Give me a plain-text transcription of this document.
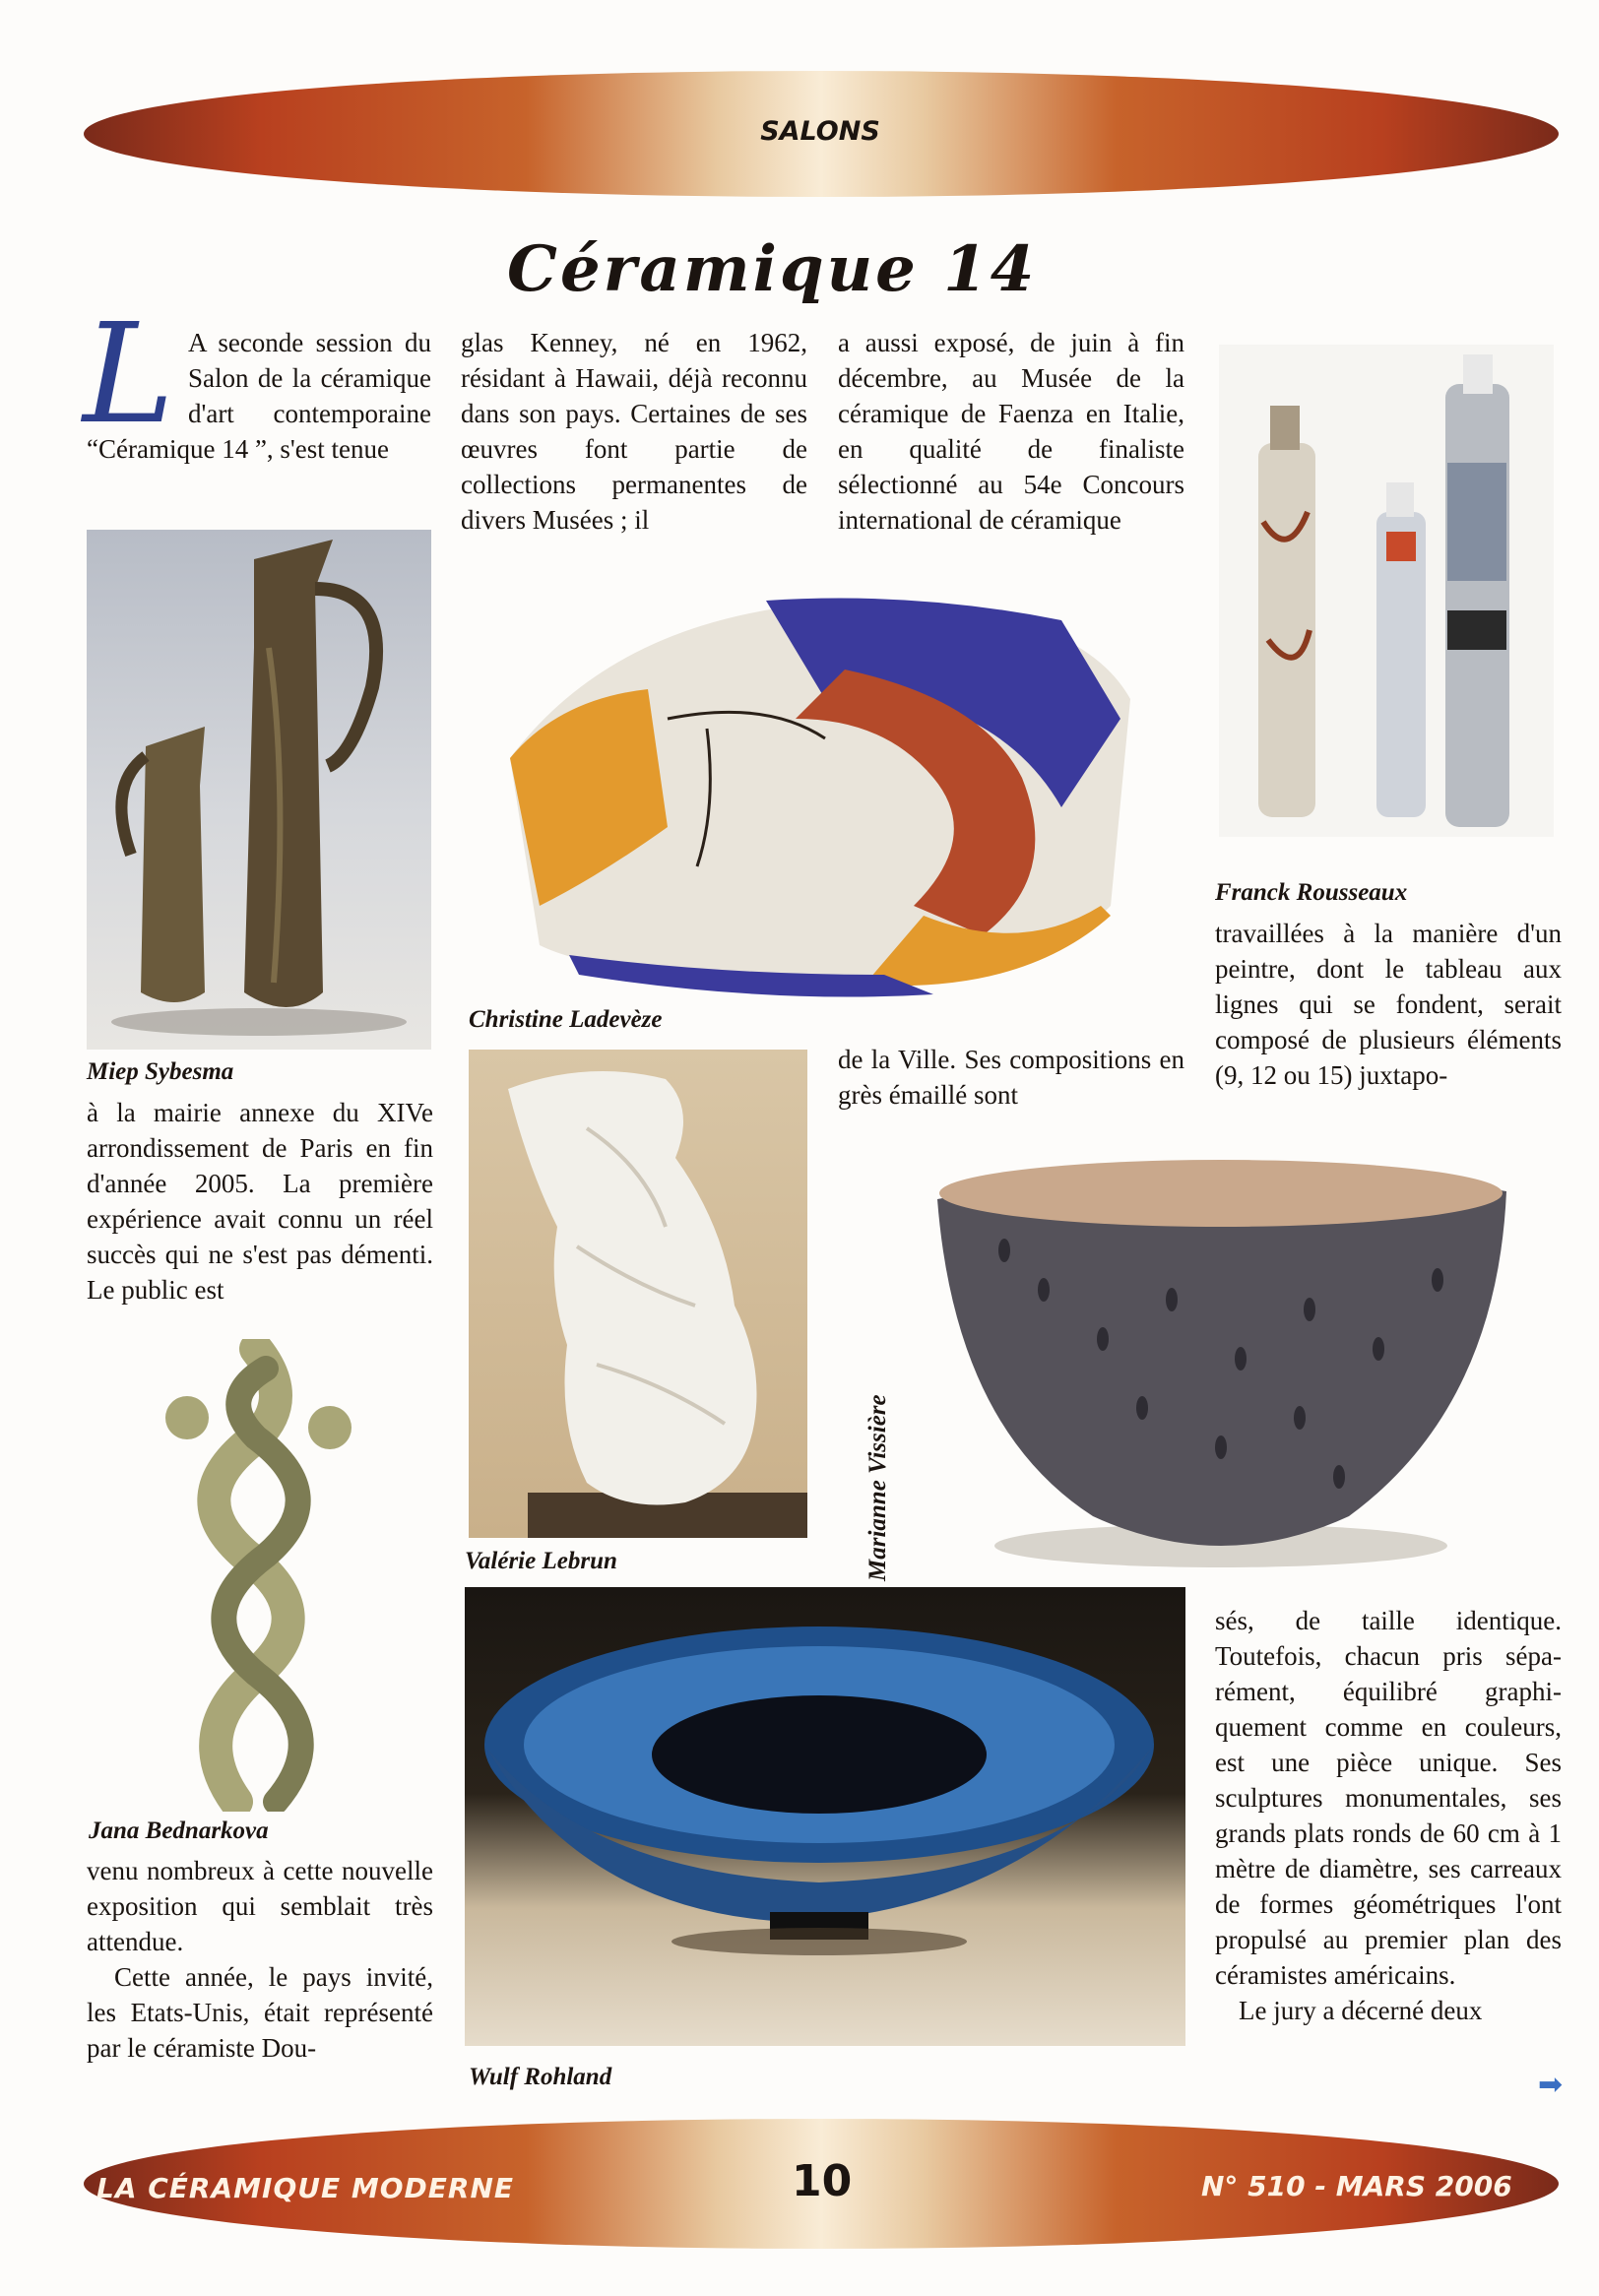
SALONS
Céramique 14
L A seconde session du Salon de la céramique d'art contemporaine “Céramique 14 ”, s'est tenue
glas Kenney, né en 1962, résidant à Hawaii, déjà reconnu dans son pays. Certaines de ses œuvres font partie de collections permanentes de divers Musées ; il
a aussi exposé, de juin à fin décembre, au Musée de la céramique de Faenza en Italie, en qualité de finaliste sélectionné au 54e Concours international de céramique
Miep Sybesma
à la mairie annexe du XIVe arrondissement de Paris en fin d'année 2005. La première expérience avait connu un réel succès qui ne s'est pas démenti. Le public est
Christine Ladevèze
Franck Rousseaux
travaillées à la manière d'un peintre, dont le tableau aux lignes qui se fondent, serait composé de plusieurs éléments (9, 12 ou 15) juxtapo-
Valérie Lebrun
de la Ville. Ses compositions en grès émaillé sont
Marianne Vissière
Jana Bednarkova

venu nombreux à cette nouvelle exposition qui semblait très attendue.

Cette année, le pays invité, les Etats-Unis, était représenté par le céramiste Dou-

Wulf Rohland

sés, de taille identique. Toutefois, chacun pris séparément, équilibré graphiquement comme en couleurs, est une pièce unique. Ses sculptures monumentales, ses grands plats ronds de 60 cm à 1 mètre de diamètre, ses carreaux de formes géométriques l'ont propulsé au premier plan des céramistes américains.

Le jury a décerné deux

➡
LA CÉRAMIQUE MODERNE	10	N° 510 - MARS 2006
